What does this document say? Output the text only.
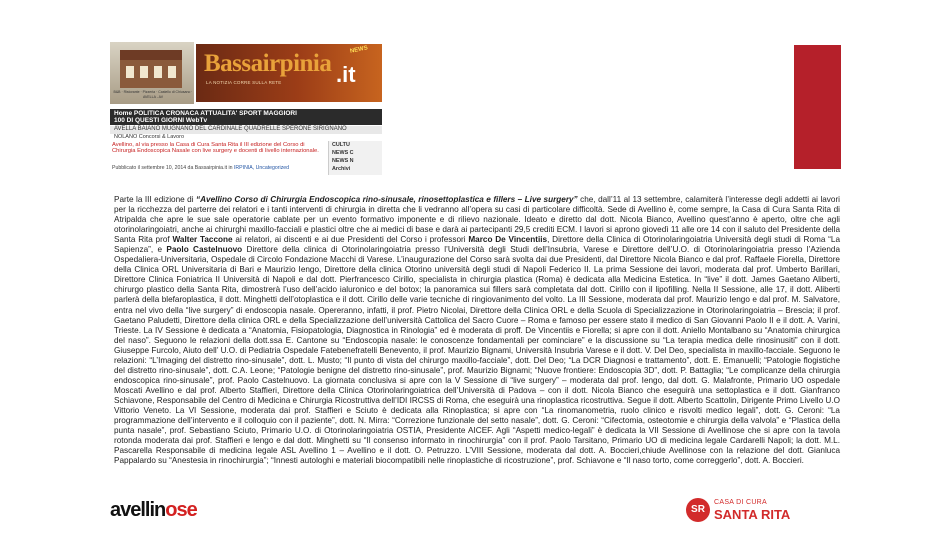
B&B · Ristorante · Pizzeria · Castello di Chiusano · AVELLA - AV
Bassairpinia .it
NEWS
LA NOTIZIA CORRE SULLA RETE
Home POLITICA CRONACA ATTUALITA' SPORT MAGGIORI
100 DI QUESTI GIORNI WebTv
AVELLA BAIANO MUGNANO DEL CARDINALE QUADRELLE SPERONE SIRIGNANO
NOLANO Concorsi & Lavoro
Avellino, al via presso la Casa di Cura Santa Rita il III edizione del Corso di Chirurgia Endoscopica Nasale con live surgery e docenti di livello internazionale.
Pubblicato il settembre 10, 2014 da Bassairpinia.it in IRPINIA, Uncategorized
CULTU
NEWS C
NEWS N
Archivi
Parte la III edizione di “Avellino Corso di Chirurgia Endoscopica rino-sinusale, rinosettoplastica e fillers – Live surgery” che, dall’11 al 13 settembre, calamiterà l’interesse degli addetti ai lavori per la ricchezza del parterre dei relatori e i tanti interventi di chirurgia in diretta che li vedranno all’opera su casi di particolare difficoltà. Sede di Avellino è, come sempre, la Casa di Cura Santa Rita di Atripalda che apre le sue sale operatorie cablate per un evento formativo imponente e di rilievo nazionale. Ideato e diretto dal dott. Nicola Bianco, Avellino quest’anno è aperto, oltre che agli otorinolaringoiatri, anche ai chirurghi maxillo-facciali e plastici oltre che ai medici di base e darà ai partecipanti 29,5 crediti ECM. I lavori si aprono giovedì 11 alle ore 14 con il saluto del Presidente della Santa Rita prof Walter Taccone ai relatori, ai discenti e ai due Presidenti del Corso i professori Marco De Vincentiis, Direttore della Clinica di Otorinolaringoiatria Università degli studi di Roma “La Sapienza”, e Paolo Castelnuovo Direttore della clinica di Otorinolaringoiatria presso l’Università degli Studi dell’Insubria, Varese e Direttore dell’U.O. di Otorinolaringoiatria presso l’Azienda Ospedaliera-Universitaria, Ospedale di Circolo Fondazione Macchi di Varese. L’inaugurazione del Corso sarà svolta dai due Presidenti, dal Direttore Nicola Bianco e dal prof. Raffaele Fiorella, Direttore della Clinica ORL Universitaria di Bari e Maurizio Iengo, Direttore della clinica Otorino università degli studi di Napoli Federico II. La prima Sessione dei lavori, moderata dal prof. Umberto Barillari, Direttore Clinica Foniatrica II Università di Napoli e dal dott. Pierfrancesco Cirillo, specialista in chirurgia plastica (Roma) è dedicata alla Medicina Estetica. In “live” il dott. James Gaetano Aliberti, chirurgo plastico della Santa Rita, dimostrerà l’uso dell’acido ialuronico e del botox; la panoramica sui fillers sarà completata dal dott. Cirillo con il lipofilling. Nella II Sessione, alle 17, il dott. Aliberti parlerà della blefaroplastica, il dott. Minghetti dell’otoplastica e il dott. Cirillo delle varie tecniche di ringiovanimento del volto. La III Sessione, moderata dal prof. Maurizio Iengo e dal prof. M. Salvatore, entra nel vivo della “live surgery” di endoscopia nasale. Opereranno, infatti, il prof. Pietro Nicolai, Direttore della Clinica ORL e della Scuola di Specializzazione in Otorinolaringoiatria – Brescia; il prof. Gaetano Paludetti, Direttore della clinica ORL e della Specializzazione dell’università Cattolica del Sacro Cuore – Roma e famoso per essere stato il medico di San Giovanni Paolo II e il dott. A. Varini, Trieste. La IV Sessione è dedicata a “Anatomia, Fisiopatologia, Diagnostica in Rinologia” ed è moderata di proff. De Vincentiis e Fiorella; si apre con il dott. Aniello Montalbano su “Anatomia chirurgica del naso”. Seguono le relazioni della dott.ssa E. Cantone su “Endoscopia nasale: le conoscenze fondamentali per cominciare” e la discussione su “La terapia medica delle rinosinusiti” con il dott. Giuseppe Furcolo, Aiuto dell’ U.O. di Pediatria Ospedale Fatebenefratelli Benevento, il prof. Maurizio Bignami, Università Insubria Varese e il dott. V. Del Deo, specialista in maxillo-facciale. Seguono le relazioni: “L’Imaging del distretto rino-sinusale”, dott. L. Musto; “Il punto di vista del chirurgo maxillo-facciale”, dott. Del Deo; “La DCR Diagnosi e trattamento”, dott. E. Emanuelli; “Patologie flogistiche del distretto rino-sinusale”, dott. C.A. Leone; “Patologie benigne del distretto rino-sinusale”, prof. Maurizio Bignami; “Nuove frontiere: Endoscopia 3D”, dott. P. Battaglia; “Le complicanze della chirurgia endoscopica rino-sinusale”, prof. Paolo Castelnuovo. La giornata conclusiva si apre con la V Sessione di “live surgery” – moderata dal prof. Iengo, dal dott. G. Malafronte, Primario UO ospedale Moscati Avellino e dal prof. Alberto Staffieri, Direttore della Clinica Otorinolaringoiatrica dell’Università di Padova – con il dott. Nicola Bianco che eseguirà una settoplastica e il dott. Gianfranco Schiavone, Responsabile del Centro di Medicina e Chirurgia Ricostruttiva dell’IDI IRCSS di Roma, che eseguirà una rinoplastica ricostruttiva. Segue il dott. Alberto Scattolin, Dirigente Primo Livello U.O Vittorio Veneto. La VI Sessione, moderata dai prof. Staffieri e Sciuto è dedicata alla Rinoplastica; si apre con “La rinomanometria, ruolo clinico e risvolti medico legali”, dott. G. Ceroni: “La programmazione dell’intervento e il colloquio con il paziente”, dott. N. Mirra: “Correzione funzionale del setto nasale”, dott. G. Ceroni: “Cifectomia, osteotomie e chirurgia della valvola” e “Plastica della punta nasale”, prof. Sebastiano Sciuto, Primario U.O. di Otorinolaringoiatria OSTIA, Presidente AICEF. Agli “Aspetti medico-legali” è dedicata la VII Sessione di Avellinose che si apre con la tavola rotonda moderata dai prof. Staffieri e Iengo e dal dott. Minghetti su “Il consenso informato in rinochirurgia” con il prof. Paolo Tarsitano, Primario UO di medicina legale Cardarelli Napoli; la dott. M.L. Pascarella Responsabile di medicina legale ASL Avellino 1 – Avellino e il dott. O. Petruzzo. L’VIII Sessione, moderata dal dott. A. Boccieri,chiude Avellinose con la relazione del dott. Gianluca Pappalardo su “Anestesia in rinochirurgia”; “Innesti autologhi e materiali biocompatibili nelle rinoplastiche di ricostruzione”, prof. Schiavone e “Il naso torto, come correggerlo”, dott. A. Boccieri.
avellinose	SR
CASA DI CURA
SANTA RITA
